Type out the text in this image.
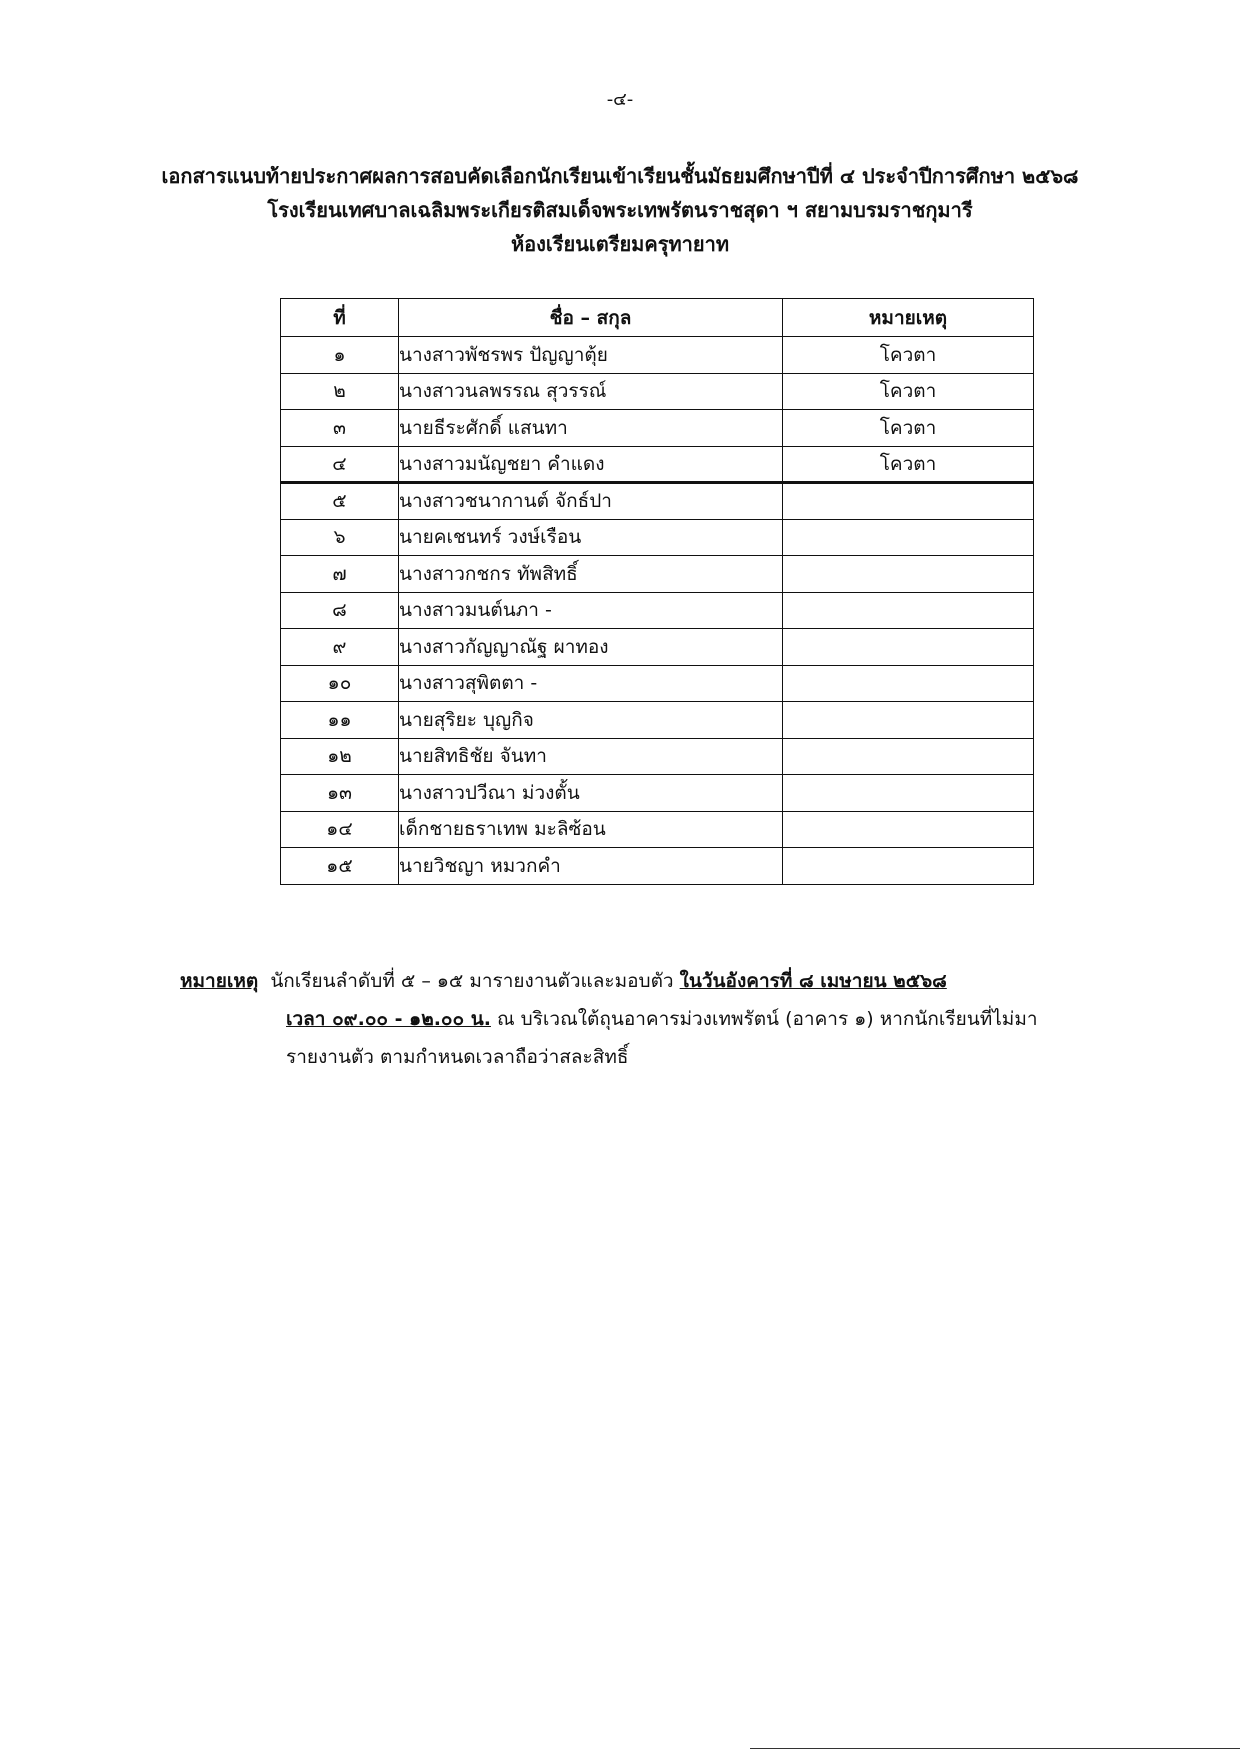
-๔-
เอกสารแนบท้ายประกาศผลการสอบคัดเลือกนักเรียนเข้าเรียนชั้นมัธยมศึกษาปีที่ ๔ ประจำปีการศึกษา ๒๕๖๘
โรงเรียนเทศบาลเฉลิมพระเกียรติสมเด็จพระเทพรัตนราชสุดา ฯ สยามบรมราชกุมารี
ห้องเรียนเตรียมครุทายาท
ที่	ชื่อ – สกุล	หมายเหตุ
๑	นางสาวพัชรพร ปัญญาตุ้ย	โควตา
๒	นางสาวนลพรรณ สุวรรณ์	โควตา
๓	นายธีระศักดิ์ แสนทา	โควตา
๔	นางสาวมนัญชยา คำแดง	โควตา
๕	นางสาวชนากานต์ จักธ์ปา	
๖	นายคเชนทร์ วงษ์เรือน	
๗	นางสาวกชกร ทัพสิทธิ์	
๘	นางสาวมนต์นภา -	
๙	นางสาวกัญญาณัฐ ผาทอง	
๑๐	นางสาวสุพิตตา -	
๑๑	นายสุริยะ บุญกิจ	
๑๒	นายสิทธิชัย จันทา	
๑๓	นางสาวปวีณา ม่วงตั้น	
๑๔	เด็กชายธราเทพ มะลิซ้อน	
๑๕	นายวิชญา หมวกคำ	
หมายเหตุ นักเรียนลำดับที่ ๕ – ๑๕ มารายงานตัวและมอบตัว ในวันอังคารที่ ๘ เมษายน ๒๕๖๘
เวลา ๐๙.๐๐ - ๑๒.๐๐ น. ณ บริเวณใต้ถุนอาคารม่วงเทพรัตน์ (อาคาร ๑) หากนักเรียนที่ไม่มา
รายงานตัว ตามกำหนดเวลาถือว่าสละสิทธิ์
